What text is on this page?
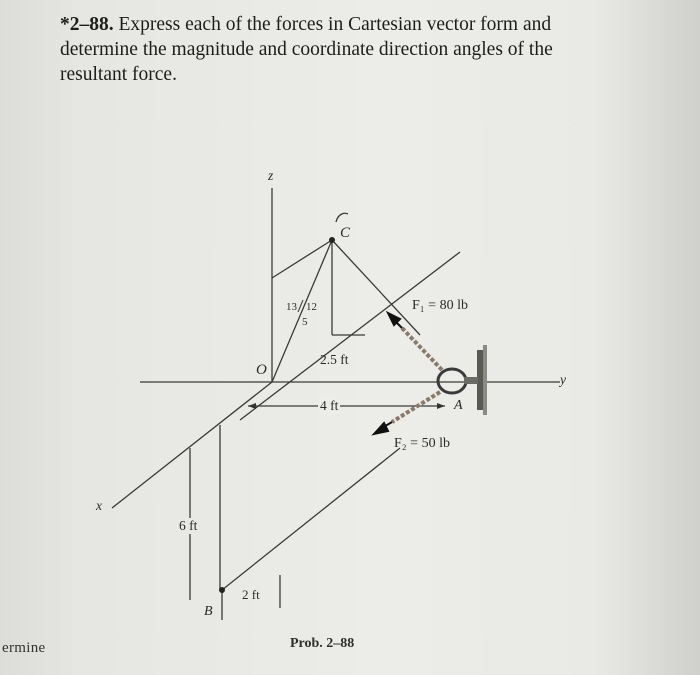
*2–88. Express each of the forces in Cartesian vector form and determine the magnitude and coordinate direction angles of the resultant force.
z
x
y
O
A
B
C
13 12
5
2.5 ft
4 ft
6 ft
2 ft
F₁ = 80 lb
F₂ = 50 lb
Prob. 2–88
ermine
